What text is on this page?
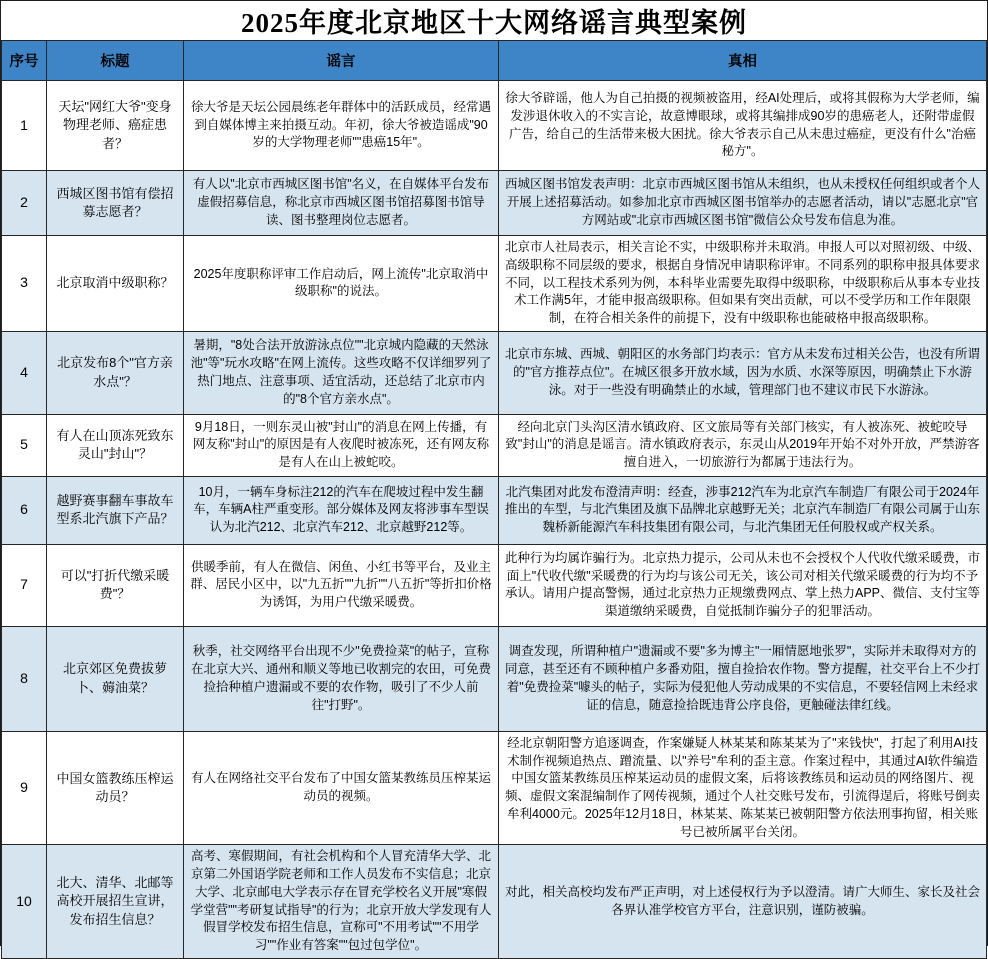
2025年度北京地区十大网络谣言典型案例
序号	标题	谣言	真相
1	天坛"网红大爷"变身物理老师、癌症患者？	徐大爷是天坛公园晨练老年群体中的活跃成员，经常遇到自媒体博主来拍摄互动。年初，徐大爷被造谣成"90岁的大学物理老师""患癌15年"。	徐大爷辟谣，他人为自己拍摄的视频被盗用，经AI处理后，或将其假称为大学老师，编发涉退休收入的不实言论，故意博眼球，或将其编排成90岁的患癌老人，还附带虚假广告，给自己的生活带来极大困扰。徐大爷表示自己从未患过癌症，更没有什么"治癌秘方"。
2	西城区图书馆有偿招募志愿者？	有人以"北京市西城区图书馆"名义，在自媒体平台发布虚假招募信息，称北京市西城区图书馆招募图书馆导读、图书整理岗位志愿者。	西城区图书馆发表声明：北京市西城区图书馆从未组织，也从未授权任何组织或者个人开展上述招募活动。如参加北京市西城区图书馆举办的志愿者活动，请以"志愿北京"官方网站或"北京市西城区图书馆"微信公众号发布信息为准。
3	北京取消中级职称？	2025年度职称评审工作启动后，网上流传"北京取消中级职称"的说法。	北京市人社局表示，相关言论不实，中级职称并未取消。申报人可以对照初级、中级、高级职称不同层级的要求，根据自身情况申请职称评审。不同系列的职称申报具体要求不同，以工程技术系列为例，本科毕业需要先取得中级职称，中级职称后从事本专业技术工作满5年，才能申报高级职称。但如果有突出贡献，可以不受学历和工作年限限制，在符合相关条件的前提下，没有中级职称也能破格申报高级职称。
4	北京发布8个"官方亲水点"？	暑期，"8处合法开放游泳点位""北京城内隐藏的天然泳池"等"玩水攻略"在网上流传。这些攻略不仅详细罗列了热门地点、注意事项、适宜活动，还总结了北京市内的"8个官方亲水点"。	北京市东城、西城、朝阳区的水务部门均表示：官方从未发布过相关公告，也没有所谓的"官方推荐点位"。在城区很多开放水域，因为水质、水深等原因，明确禁止下水游泳。对于一些没有明确禁止的水域，管理部门也不建议市民下水游泳。
5	有人在山顶冻死致东灵山"封山"？	9月18日，一则东灵山被"封山"的消息在网上传播，有网友称"封山"的原因是有人夜爬时被冻死，还有网友称是有人在山上被蛇咬。	经向北京门头沟区清水镇政府、区文旅局等有关部门核实，有人被冻死、被蛇咬导致"封山"的消息是谣言。清水镇政府表示，东灵山从2019年开始不对外开放，严禁游客擅自进入，一切旅游行为都属于违法行为。
6	越野赛事翻车事故车型系北汽旗下产品？	10月，一辆车身标注212的汽车在爬坡过程中发生翻车，车辆A柱严重变形。部分媒体及网友将涉事车型误认为北汽212、北京汽车212、北京越野212等。	北汽集团对此发布澄清声明：经查，涉事212汽车为北京汽车制造厂有限公司于2024年推出的车型，与北汽集团及旗下品牌北京越野无关；北京汽车制造厂有限公司属于山东魏桥新能源汽车科技集团有限公司，与北汽集团无任何股权或产权关系。
7	可以"打折代缴采暖费"？	供暖季前，有人在微信、闲鱼、小红书等平台，及业主群、居民小区中，以"九五折""九折""八五折"等折扣价格为诱饵，为用户代缴采暖费。	此种行为均属诈骗行为。北京热力提示，公司从未也不会授权个人代收代缴采暖费，市面上"代收代缴"采暖费的行为均与该公司无关，该公司对相关代缴采暖费的行为均不予承认。请用户提高警惕，通过北京热力正规缴费网点、掌上热力APP、微信、支付宝等渠道缴纳采暖费，自觉抵制诈骗分子的犯罪活动。
8	北京郊区免费拔萝卜、薅油菜？	秋季，社交网络平台出现不少"免费捡菜"的帖子，宣称在北京大兴、通州和顺义等地已收割完的农田，可免费捡拾种植户遗漏或不要的农作物，吸引了不少人前往"打野"。	调查发现，所谓种植户"遗漏或不要"多为博主"一厢情愿地张罗"，实际并未取得对方的同意，甚至还有不顾种植户多番劝阻，擅自捡拾农作物。警方提醒，社交平台上不少打着"免费捡菜"噱头的帖子，实际为侵犯他人劳动成果的不实信息，不要轻信网上未经求证的信息，随意捡拾既违背公序良俗，更触碰法律红线。
9	中国女篮教练压榨运动员？	有人在网络社交平台发布了中国女篮某教练员压榨某运动员的视频。	经北京朝阳警方追逐调查，作案嫌疑人林某某和陈某某为了"来钱快"，打起了利用AI技术制作视频追热点、蹭流量、以"养号"牟利的歪主意。作案过程中，其通过AI软件编造中国女篮某教练员压榨某运动员的虚假文案，后将该教练员和运动员的网络图片、视频、虚假文案混编制作了网传视频，通过个人社交账号发布，引流得逞后，将账号倒卖牟利4000元。2025年12月18日，林某某、陈某某已被朝阳警方依法刑事拘留，相关账号已被所属平台关闭。
10	北大、清华、北邮等高校开展招生宣讲，发布招生信息？	高考、寒假期间，有社会机构和个人冒充清华大学、北京第二外国语学院老师和工作人员发布不实信息；北京大学、北京邮电大学表示存在冒充学校名义开展"寒假学堂营""考研复试指导"的行为；北京开放大学发现有人假冒学校发布招生信息，宣称可"不用考试""不用学习""作业有答案""包过包学位"。	对此，相关高校均发布严正声明，对上述侵权行为予以澄清。请广大师生、家长及社会各界认准学校官方平台，注意识别，谨防被骗。
